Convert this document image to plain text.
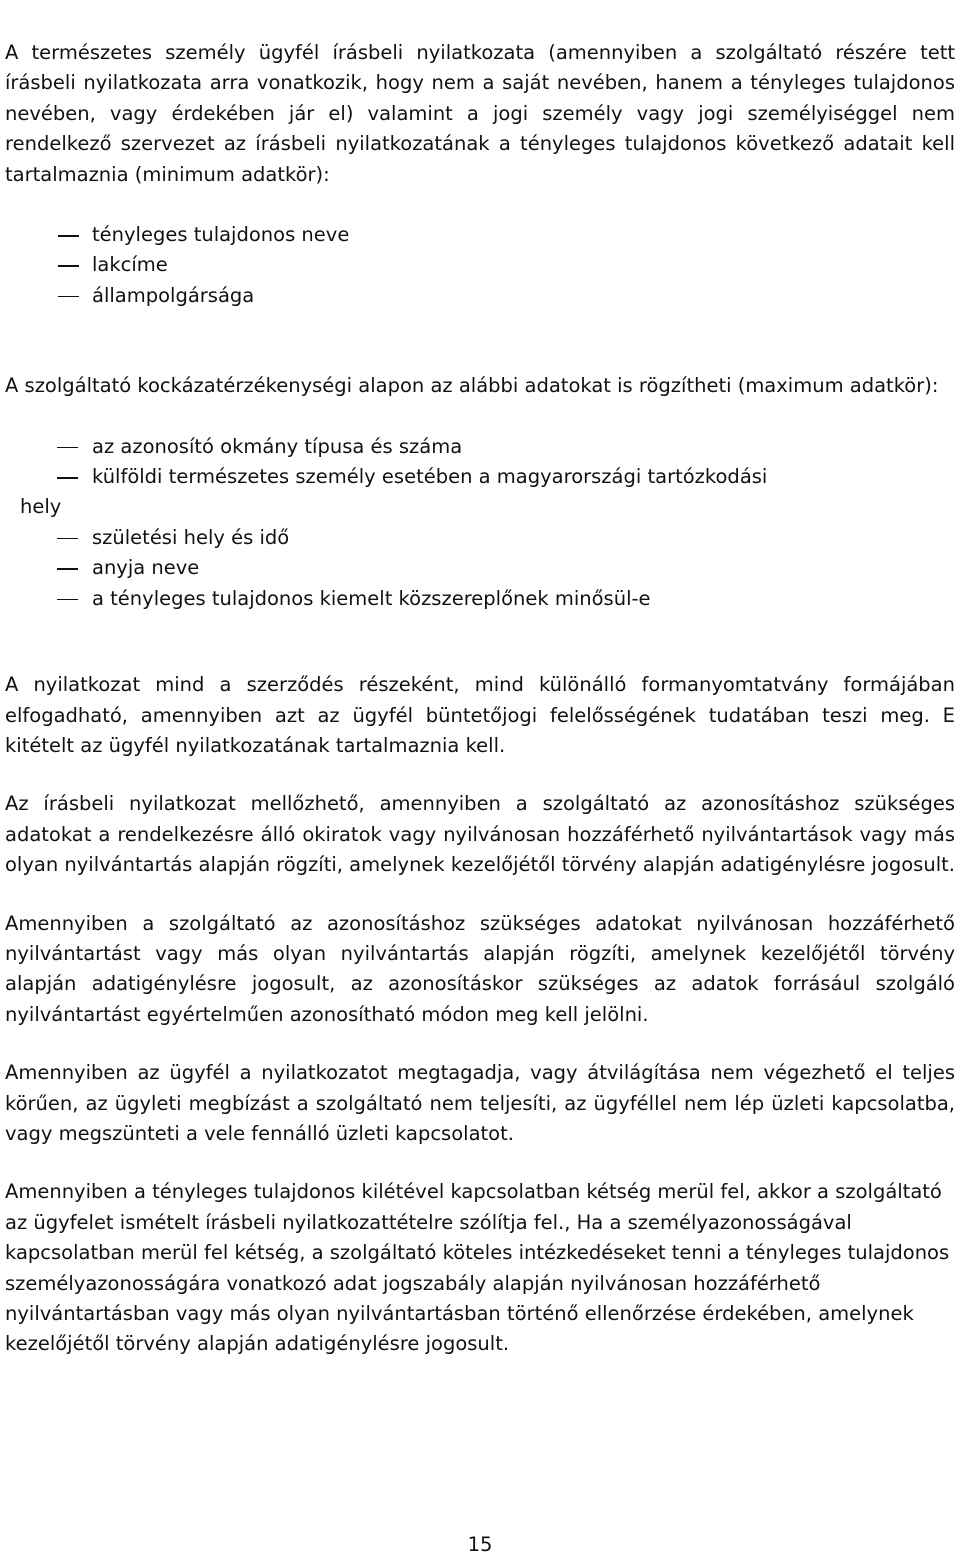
A természetes személy ügyfél írásbeli nyilatkozata (amennyiben a szolgáltató részére tett írásbeli nyilatkozata arra vonatkozik, hogy nem a saját nevében, hanem a tényleges tulajdonos nevében, vagy érdekében jár el) valamint a jogi személy vagy jogi személyiséggel nem rendelkező szervezet az írásbeli nyilatkozatának a tényleges tulajdonos következő adatait kell tartalmaznia (minimum adatkör):

tényleges tulajdonos neve
lakcíme
állampolgársága

A szolgáltató kockázatérzékenységi alapon az alábbi adatokat is rögzítheti (maximum adatkör):

az azonosító okmány típusa és száma
külföldi természetes személy esetében a magyarországi tartózkodási
hely
születési hely és idő
anyja neve
a tényleges tulajdonos kiemelt közszereplőnek minősül-e

A nyilatkozat mind a szerződés részeként, mind különálló formanyomtatvány formájában elfogadható, amennyiben azt az ügyfél büntetőjogi felelősségének tudatában teszi meg. E kitételt az ügyfél nyilatkozatának tartalmaznia kell.

Az írásbeli nyilatkozat mellőzhető, amennyiben a szolgáltató az azonosításhoz szükséges adatokat a rendelkezésre álló okiratok vagy nyilvánosan hozzáférhető nyilvántartások vagy más olyan nyilvántartás alapján rögzíti, amelynek kezelőjétől törvény alapján adatigénylésre jogosult.

Amennyiben a szolgáltató az azonosításhoz szükséges adatokat nyilvánosan hozzáférhető nyilvántartást vagy más olyan nyilvántartás alapján rögzíti, amelynek kezelőjétől törvény alapján adatigénylésre jogosult, az azonosításkor szükséges az adatok forrásául szolgáló nyilvántartást egyértelműen azonosítható módon meg kell jelölni.

Amennyiben az ügyfél a nyilatkozatot megtagadja, vagy átvilágítása nem végezhető el teljes körűen, az ügyleti megbízást a szolgáltató nem teljesíti, az ügyféllel nem lép üzleti kapcsolatba, vagy megszünteti a vele fennálló üzleti kapcsolatot.

Amennyiben a tényleges tulajdonos kilétével kapcsolatban kétség merül fel, akkor a szolgáltató az ügyfelet ismételt írásbeli nyilatkozattételre szólítja fel., Ha a személyazonosságával kapcsolatban merül fel kétség, a szolgáltató köteles intézkedéseket tenni a tényleges tulajdonos személyazonosságára vonatkozó adat jogszabály alapján nyilvánosan hozzáférhető nyilvántartásban vagy más olyan nyilvántartásban történő ellenőrzése érdekében, amelynek kezelőjétől törvény alapján adatigénylésre jogosult.

15
